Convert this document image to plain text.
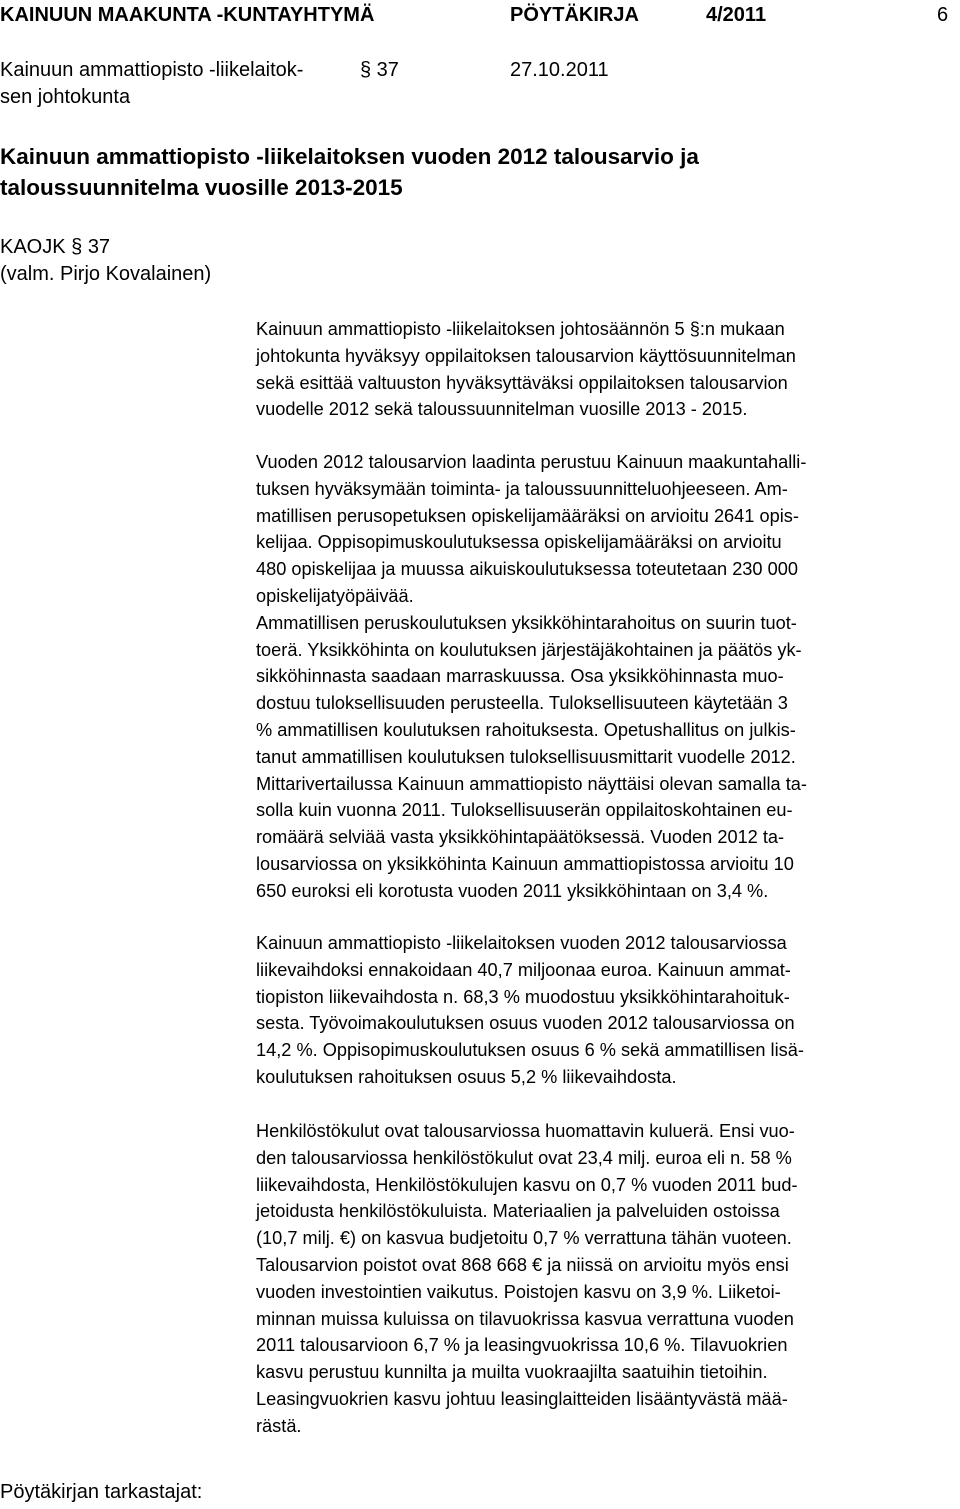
KAINUUN MAAKUNTA -KUNTAYHTYMÄ	PÖYTÄKIRJA	4/2011	6
Kainuun ammattiopisto -liikelaitok-
sen johtokunta
§ 37	27.10.2011
Kainuun ammattiopisto -liikelaitoksen vuoden 2012 talousarvio ja
taloussuunnitelma vuosille 2013-2015
KAOJK § 37
(valm. Pirjo Kovalainen)
Kainuun ammattiopisto -liikelaitoksen johtosäännön 5 §:n mukaan
johtokunta hyväksyy oppilaitoksen talousarvion käyttösuunnitelman
sekä esittää valtuuston hyväksyttäväksi oppilaitoksen talousarvion
vuodelle 2012 sekä taloussuunnitelman vuosille 2013 - 2015.
Vuoden 2012 talousarvion laadinta perustuu Kainuun maakuntahalli-
tuksen hyväksymään toiminta- ja taloussuunnitteluohjeeseen. Am-
matillisen perusopetuksen opiskelijamääräksi on arvioitu 2641 opis-
kelijaa. Oppisopimuskoulutuksessa opiskelijamääräksi on arvioitu
480 opiskelijaa ja muussa aikuiskoulutuksessa toteutetaan 230 000
opiskelijatyöpäivää.
Ammatillisen peruskoulutuksen yksikköhintarahoitus on suurin tuot-
toerä. Yksikköhinta on koulutuksen järjestäjäkohtainen ja päätös yk-
sikköhinnasta saadaan marraskuussa. Osa yksikköhinnasta muo-
dostuu tuloksellisuuden perusteella. Tuloksellisuuteen käytetään 3
% ammatillisen koulutuksen rahoituksesta. Opetushallitus on julkis-
tanut ammatillisen koulutuksen tuloksellisuusmittarit vuodelle 2012.
Mittarivertailussa Kainuun ammattiopisto näyttäisi olevan samalla ta-
solla kuin vuonna 2011. Tuloksellisuuserän oppilaitoskohtainen eu-
romäärä selviää vasta yksikköhintapäätöksessä. Vuoden 2012 ta-
lousarviossa on yksikköhinta Kainuun ammattiopistossa arvioitu 10
650 euroksi eli korotusta vuoden 2011 yksikköhintaan on 3,4 %.
Kainuun ammattiopisto -liikelaitoksen vuoden 2012 talousarviossa
liikevaihdoksi ennakoidaan 40,7 miljoonaa euroa. Kainuun ammat-
tiopiston liikevaihdosta n. 68,3 % muodostuu yksikköhintarahoituk-
sesta. Työvoimakoulutuksen osuus vuoden 2012 talousarviossa on
14,2 %. Oppisopimuskoulutuksen osuus 6 % sekä ammatillisen lisä-
koulutuksen rahoituksen osuus 5,2 % liikevaihdosta.
Henkilöstökulut ovat talousarviossa huomattavin kuluerä. Ensi vuo-
den talousarviossa henkilöstökulut ovat 23,4 milj. euroa eli n. 58 %
liikevaihdosta, Henkilöstökulujen kasvu on 0,7 % vuoden 2011 bud-
jetoidusta henkilöstökuluista. Materiaalien ja palveluiden ostoissa
(10,7 milj. €) on kasvua budjetoitu 0,7 % verrattuna tähän vuoteen.
Talousarvion poistot ovat 868 668 € ja niissä on arvioitu myös ensi
vuoden investointien vaikutus. Poistojen kasvu on 3,9 %. Liiketoi-
minnan muissa kuluissa on tilavuokrissa kasvua verrattuna vuoden
2011 talousarvioon 6,7 % ja leasingvuokrissa 10,6 %. Tilavuokrien
kasvu perustuu kunnilta ja muilta vuokraajilta saatuihin tietoihin.
Leasingvuokrien kasvu johtuu leasinglaitteiden lisääntyvästä mää-
rästä.
Pöytäkirjan tarkastajat:
